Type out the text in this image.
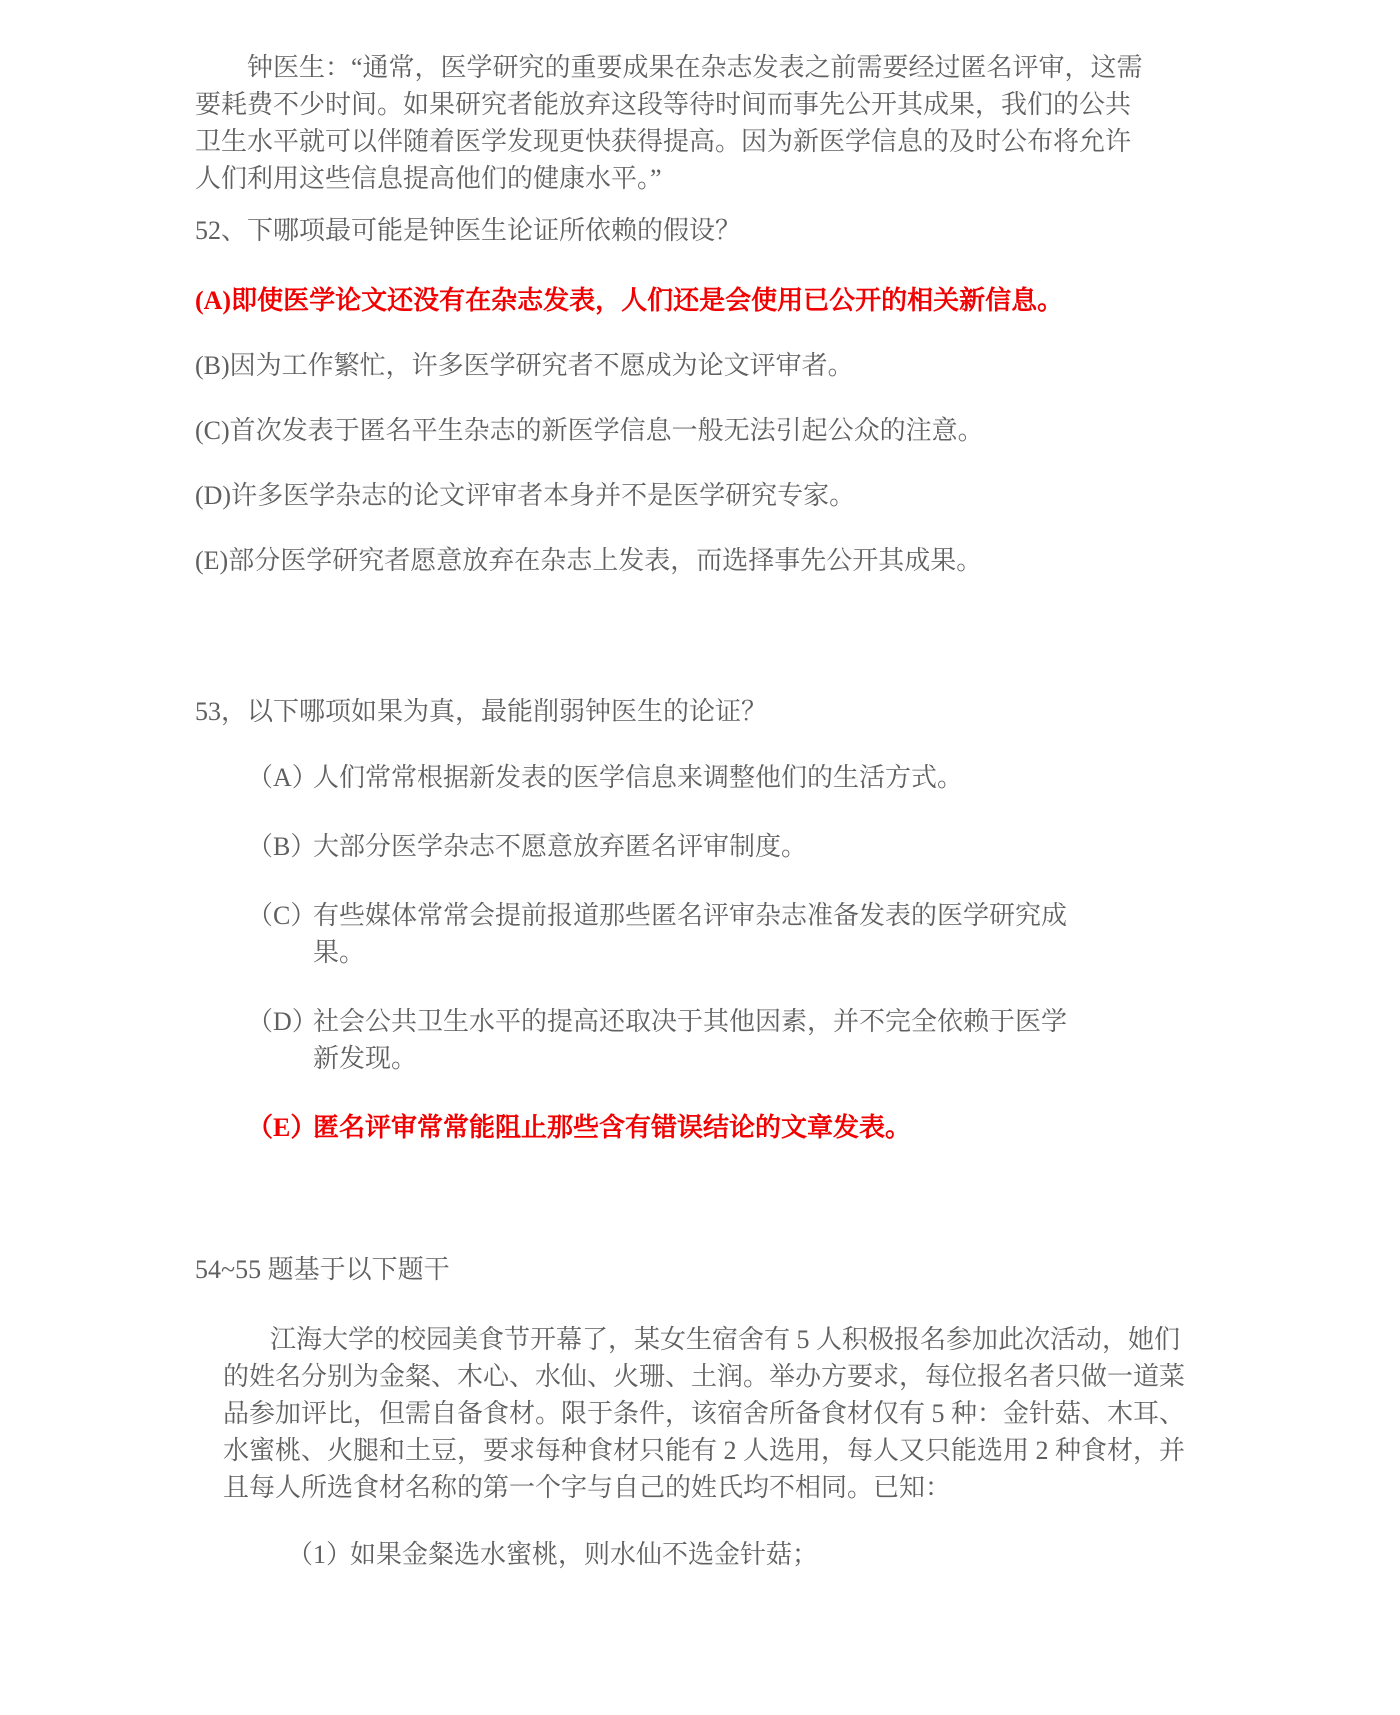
钟医生：“通常，医学研究的重要成果在杂志发表之前需要经过匿名评审，这需要耗费不少时间。如果研究者能放弃这段等待时间而事先公开其成果，我们的公共卫生水平就可以伴随着医学发现更快获得提高。因为新医学信息的及时公布将允许人们利用这些信息提高他们的健康水平。”

52、下哪项最可能是钟医生论证所依赖的假设？

(A)即使医学论文还没有在杂志发表，人们还是会使用已公开的相关新信息。

(B)因为工作繁忙，许多医学研究者不愿成为论文评审者。

(C)首次发表于匿名平生杂志的新医学信息一般无法引起公众的注意。

(D)许多医学杂志的论文评审者本身并不是医学研究专家。

(E)部分医学研究者愿意放弃在杂志上发表，而选择事先公开其成果。

53，以下哪项如果为真，最能削弱钟医生的论证？

（A）
人们常常根据新发表的医学信息来调整他们的生活方式。
（B）
大部分医学杂志不愿意放弃匿名评审制度。
（C）
有些媒体常常会提前报道那些匿名评审杂志准备发表的医学研究成果。
（D）
社会公共卫生水平的提高还取决于其他因素，并不完全依赖于医学新发现。
（E）
匿名评审常常能阻止那些含有错误结论的文章发表。

54~55 题基于以下题干

江海大学的校园美食节开幕了，某女生宿舍有 5 人积极报名参加此次活动，她们的姓名分别为金粲、木心、水仙、火珊、土润。举办方要求，每位报名者只做一道菜品参加评比，但需自备食材。限于条件，该宿舍所备食材仅有 5 种：金针菇、木耳、水蜜桃、火腿和土豆，要求每种食材只能有 2 人选用，每人又只能选用 2 种食材，并且每人所选食材名称的第一个字与自己的姓氏均不相同。已知：

（1）
如果金粲选水蜜桃，则水仙不选金针菇；
